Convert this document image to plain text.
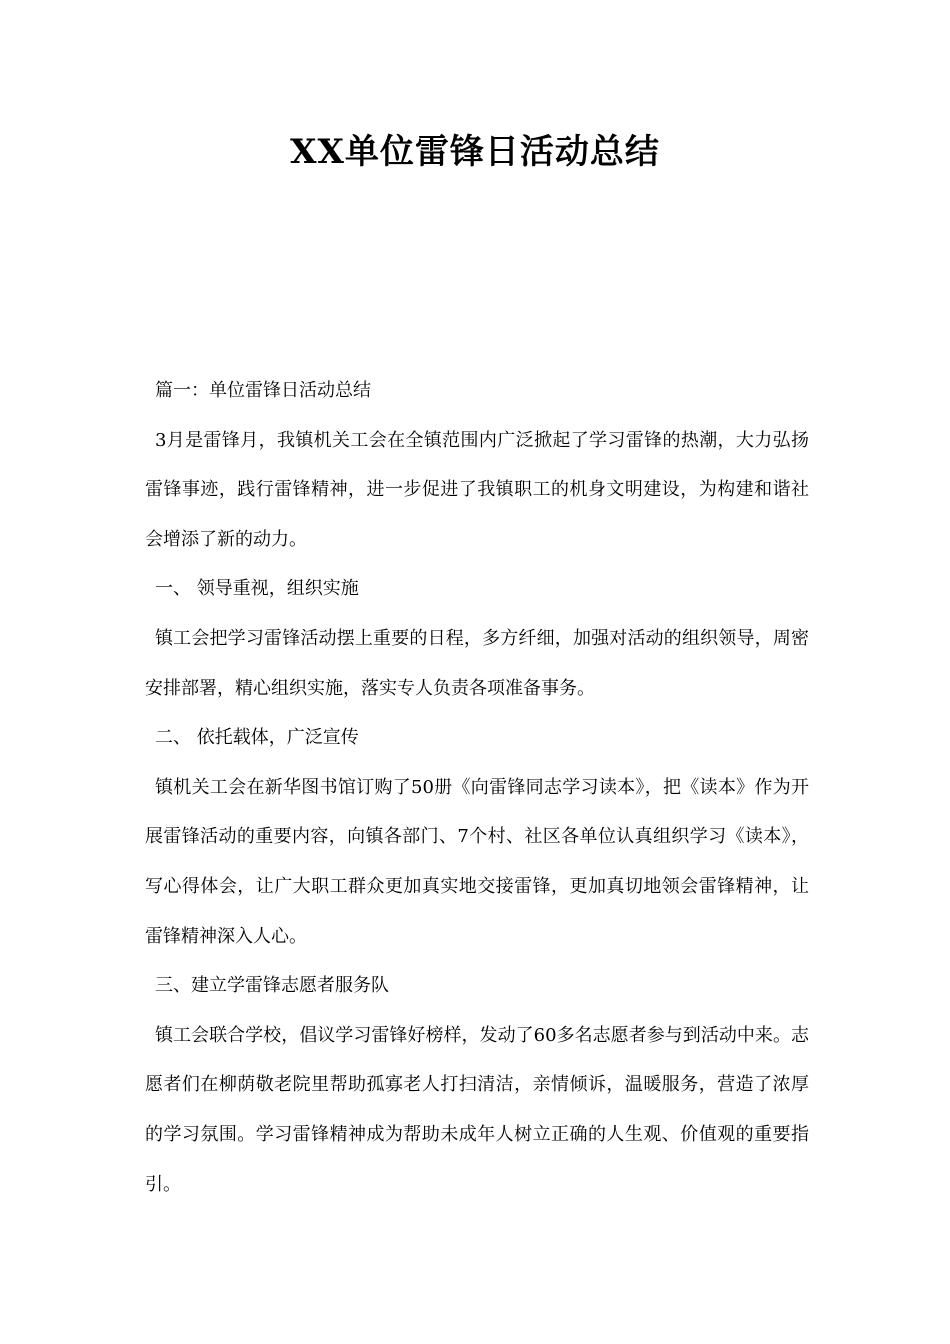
XX单位雷锋日活动总结

篇一：单位雷锋日活动总结

3月是雷锋月，我镇机关工会在全镇范围内广泛掀起了学习雷锋的热潮，大力弘扬雷锋事迹，践行雷锋精神，进一步促进了我镇职工的机身文明建设，为构建和谐社会增添了新的动力。

一、 领导重视，组织实施

镇工会把学习雷锋活动摆上重要的日程，多方纤细，加强对活动的组织领导，周密安排部署，精心组织实施，落实专人负责各项准备事务。

二、 依托载体，广泛宣传

镇机关工会在新华图书馆订购了50册《向雷锋同志学习读本》，把《读本》作为开展雷锋活动的重要内容，向镇各部门、7个村、社区各单位认真组织学习《读本》，写心得体会，让广大职工群众更加真实地交接雷锋，更加真切地领会雷锋精神，让雷锋精神深入人心。

三、建立学雷锋志愿者服务队

镇工会联合学校，倡议学习雷锋好榜样，发动了60多名志愿者参与到活动中来。志愿者们在柳荫敬老院里帮助孤寡老人打扫清洁，亲情倾诉，温暖服务，营造了浓厚的学习氛围。学习雷锋精神成为帮助未成年人树立正确的人生观、价值观的重要指引。
